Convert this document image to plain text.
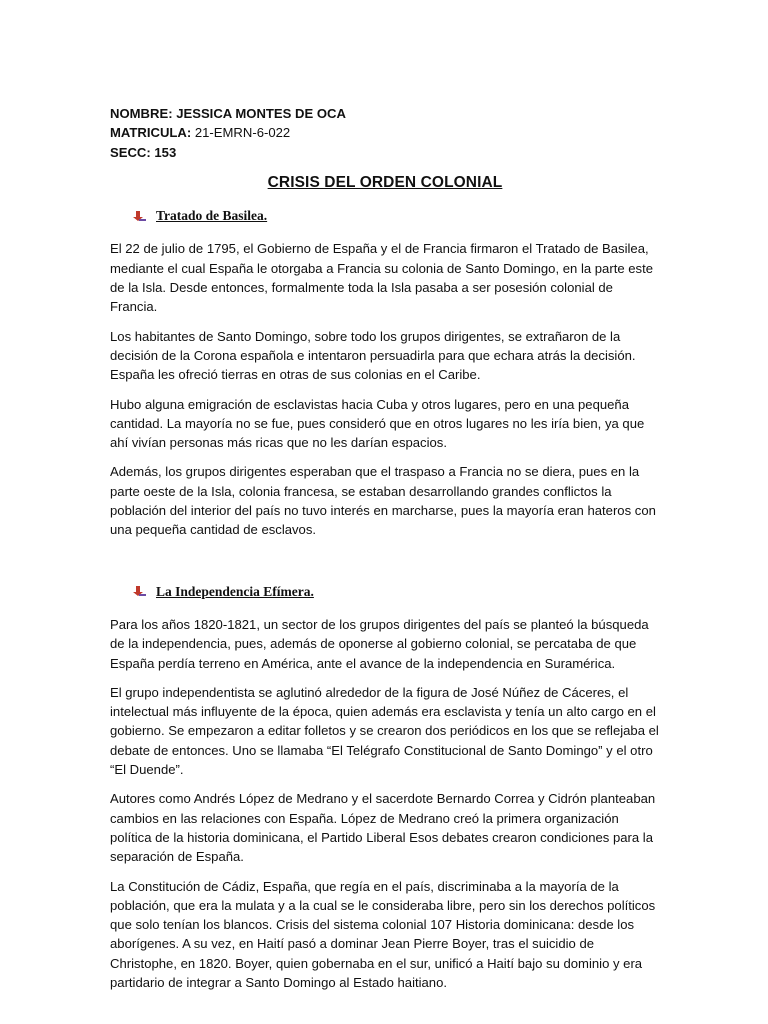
NOMBRE: JESSICA MONTES DE OCA
MATRICULA: 21-EMRN-6-022
SECC: 153
CRISIS DEL ORDEN COLONIAL
Tratado de Basilea.

El 22 de julio de 1795, el Gobierno de España y el de Francia firmaron el Tratado de Basilea, mediante el cual España le otorgaba a Francia su colonia de Santo Domingo, en la parte este de la Isla. Desde entonces, formalmente toda la Isla pasaba a ser posesión colonial de Francia.

Los habitantes de Santo Domingo, sobre todo los grupos dirigentes, se extrañaron de la decisión de la Corona española e intentaron persuadirla para que echara atrás la decisión. España les ofreció tierras en otras de sus colonias en el Caribe.

Hubo alguna emigración de esclavistas hacia Cuba y otros lugares, pero en una pequeña cantidad. La mayoría no se fue, pues consideró que en otros lugares no les iría bien, ya que ahí vivían personas más ricas que no les darían espacios.

Además, los grupos dirigentes esperaban que el traspaso a Francia no se diera, pues en la parte oeste de la Isla, colonia francesa, se estaban desarrollando grandes conflictos la población del interior del país no tuvo interés en marcharse, pues la mayoría eran hateros con una pequeña cantidad de esclavos.

La Independencia Efímera.

Para los años 1820-1821, un sector de los grupos dirigentes del país se planteó la búsqueda de la independencia, pues, además de oponerse al gobierno colonial, se percataba de que España perdía terreno en América, ante el avance de la independencia en Suramérica.

El grupo independentista se aglutinó alrededor de la figura de José Núñez de Cáceres, el intelectual más influyente de la época, quien además era esclavista y tenía un alto cargo en el gobierno. Se empezaron a editar folletos y se crearon dos periódicos en los que se reflejaba el debate de entonces. Uno se llamaba “El Telégrafo Constitucional de Santo Domingo” y el otro “El Duende”.

Autores como Andrés López de Medrano y el sacerdote Bernardo Correa y Cidrón planteaban cambios en las relaciones con España. López de Medrano creó la primera organización política de la historia dominicana, el Partido Liberal Esos debates crearon condiciones para la separación de España.

La Constitución de Cádiz, España, que regía en el país, discriminaba a la mayoría de la población, que era la mulata y a la cual se le consideraba libre, pero sin los derechos políticos que solo tenían los blancos. Crisis del sistema colonial 107 Historia dominicana: desde los aborígenes. A su vez, en Haití pasó a dominar Jean Pierre Boyer, tras el suicidio de Christophe, en 1820. Boyer, quien gobernaba en el sur, unificó a Haití bajo su dominio y era partidario de integrar a Santo Domingo al Estado haitiano.
